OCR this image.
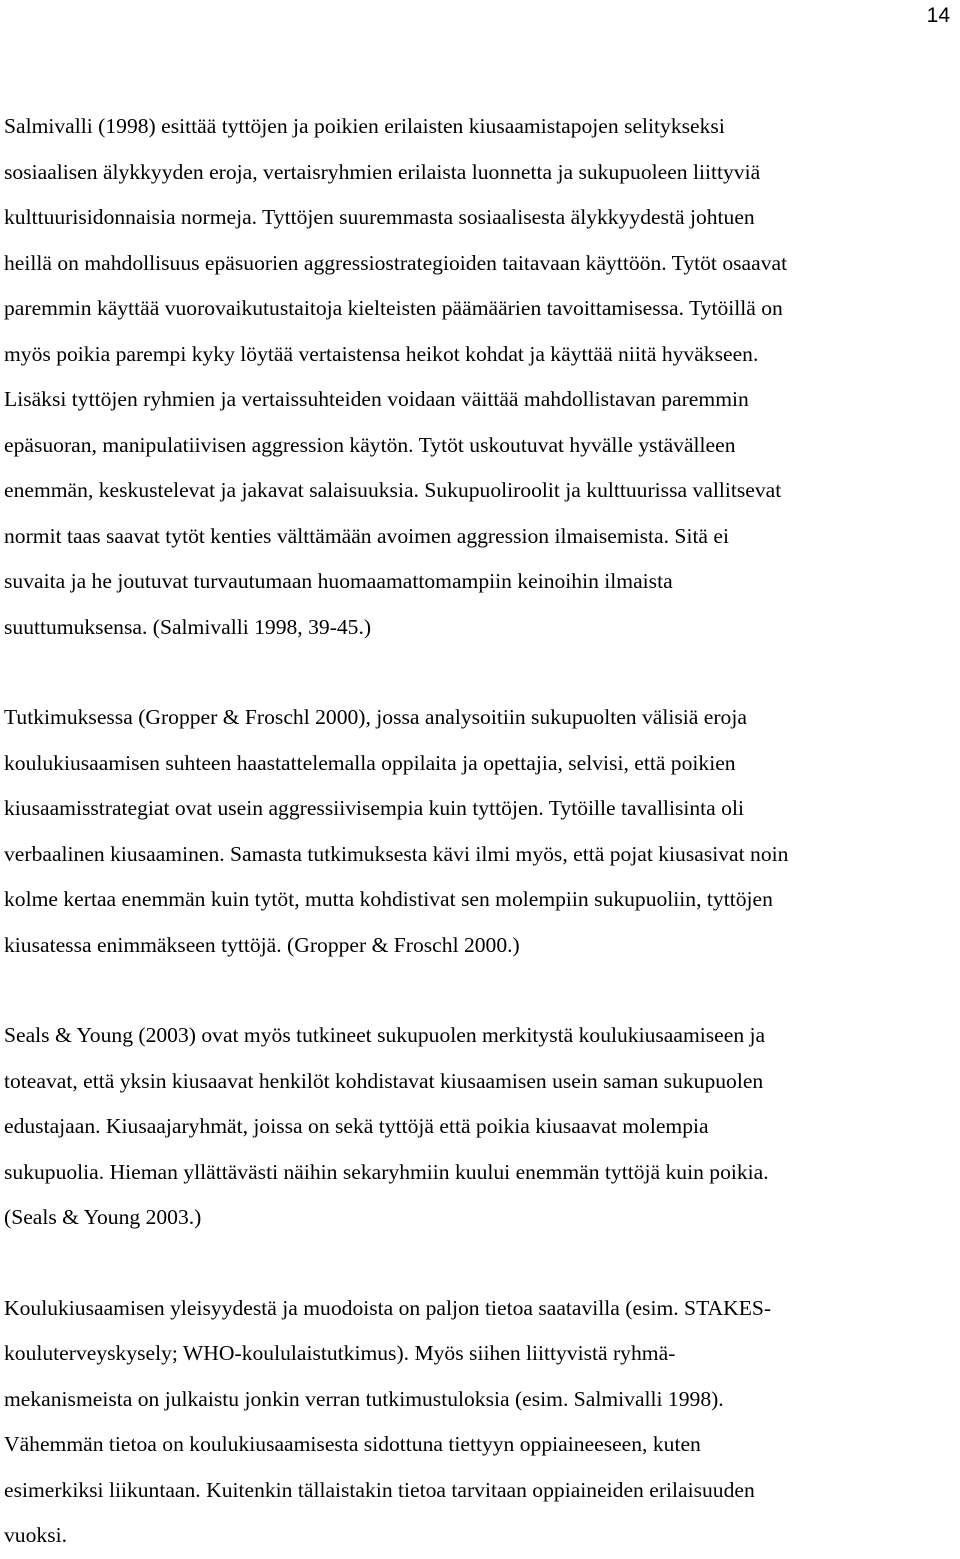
14

Salmivalli (1998) esittää tyttöjen ja poikien erilaisten kiusaamistapojen selitykseksi
sosiaalisen älykkyyden eroja, vertaisryhmien erilaista luonnetta ja sukupuoleen liittyviä
kulttuurisidonnaisia normeja. Tyttöjen suuremmasta sosiaalisesta älykkyydestä johtuen
heillä on mahdollisuus epäsuorien aggressiostrategioiden taitavaan käyttöön. Tytöt osaavat
paremmin käyttää vuorovaikutustaitoja kielteisten päämäärien tavoittamisessa. Tytöillä on
myös poikia parempi kyky löytää vertaistensa heikot kohdat ja käyttää niitä hyväkseen.
Lisäksi tyttöjen ryhmien ja vertaissuhteiden voidaan väittää mahdollistavan paremmin
epäsuoran, manipulatiivisen aggression käytön. Tytöt uskoutuvat hyvälle ystävälleen
enemmän, keskustelevat ja jakavat salaisuuksia. Sukupuoliroolit ja kulttuurissa vallitsevat
normit taas saavat tytöt kenties välttämään avoimen aggression ilmaisemista. Sitä ei
suvaita ja he joutuvat turvautumaan huomaamattomampiin keinoihin ilmaista
suuttumuksensa. (Salmivalli 1998, 39-45.)

Tutkimuksessa (Gropper & Froschl 2000), jossa analysoitiin sukupuolten välisiä eroja
koulukiusaamisen suhteen haastattelemalla oppilaita ja opettajia, selvisi, että poikien
kiusaamisstrategiat ovat usein aggressiivisempia kuin tyttöjen. Tytöille tavallisinta oli
verbaalinen kiusaaminen. Samasta tutkimuksesta kävi ilmi myös, että pojat kiusasivat noin
kolme kertaa enemmän kuin tytöt, mutta kohdistivat sen molempiin sukupuoliin, tyttöjen
kiusatessa enimmäkseen tyttöjä. (Gropper & Froschl 2000.)

Seals & Young (2003) ovat myös tutkineet sukupuolen merkitystä koulukiusaamiseen ja
toteavat, että yksin kiusaavat henkilöt kohdistavat kiusaamisen usein saman sukupuolen
edustajaan. Kiusaajaryhmät, joissa on sekä tyttöjä että poikia kiusaavat molempia
sukupuolia. Hieman yllättävästi näihin sekaryhmiin kuului enemmän tyttöjä kuin poikia.
(Seals & Young 2003.)

Koulukiusaamisen yleisyydestä ja muodoista on paljon tietoa saatavilla (esim. STAKES-
kouluterveyskysely; WHO-koululaistutkimus). Myös siihen liittyvistä ryhmä-
mekanismeista on julkaistu jonkin verran tutkimustuloksia (esim. Salmivalli 1998).
Vähemmän tietoa on koulukiusaamisesta sidottuna tiettyyn oppiaineeseen, kuten
esimerkiksi liikuntaan. Kuitenkin tällaistakin tietoa tarvitaan oppiaineiden erilaisuuden
vuoksi.
